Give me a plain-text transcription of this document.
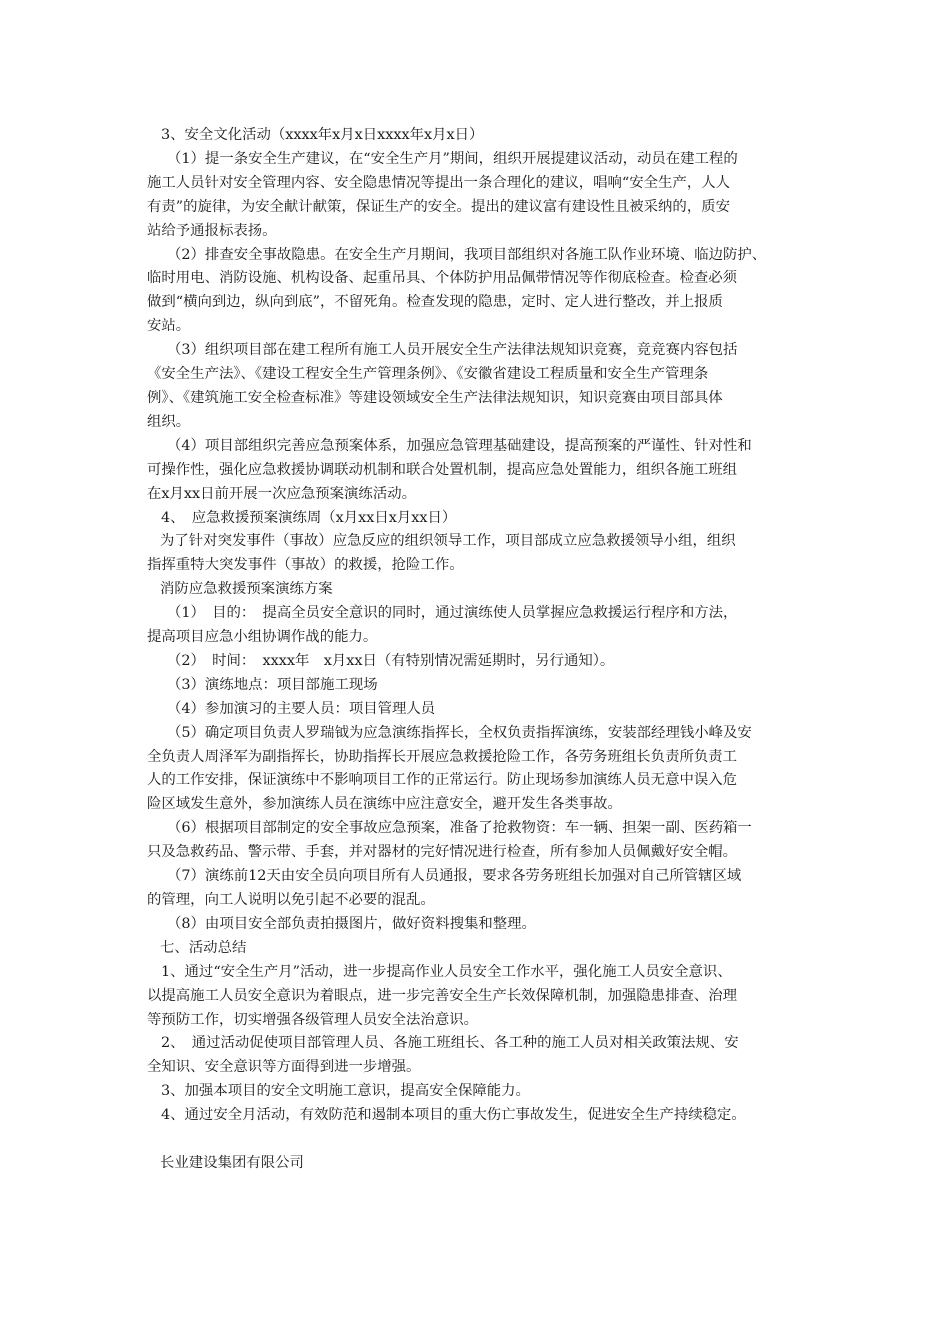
3、安全文化活动（xxxx年x月x日xxxx年x月x日）

（1）提一条安全生产建议，在“安全生产月”期间，组织开展提建议活动，动员在建工程的

施工人员针对安全管理内容、安全隐患情况等提出一条合理化的建议，唱响“安全生产，人人

有责”的旋律，为安全献计献策，保证生产的安全。提出的建议富有建设性且被采纳的，质安

站给予通报标表扬。

（2）排查安全事故隐患。在安全生产月期间，我项目部组织对各施工队作业环境、临边防护、

临时用电、消防设施、机构设备、起重吊具、个体防护用品佩带情况等作彻底检查。检查必须

做到“横向到边，纵向到底”，不留死角。检查发现的隐患，定时、定人进行整改，并上报质

安站。

（3）组织项目部在建工程所有施工人员开展安全生产法律法规知识竞赛，竞竞赛内容包括

《安全生产法》、《建设工程安全生产管理条例》、《安徽省建设工程质量和安全生产管理条

例》、《建筑施工安全检查标准》等建设领域安全生产法律法规知识，知识竞赛由项目部具体

组织。

（4）项目部组织完善应急预案体系，加强应急管理基础建设，提高预案的严谨性、针对性和

可操作性，强化应急救援协调联动机制和联合处置机制，提高应急处置能力，组织各施工班组

在x月xx日前开展一次应急预案演练活动。

4、　应急救援预案演练周（x月xx日x月xx日）

为了针对突发事件（事故）应急反应的组织领导工作，项目部成立应急救援领导小组，组织

指挥重特大突发事件（事故）的救援，抢险工作。

消防应急救援预案演练方案

（1）　目的：　提高全员安全意识的同时，通过演练使人员掌握应急救援运行程序和方法，

提高项目应急小组协调作战的能力。

（2）　时间：　xxxx年　x月xx日（有特别情况需延期时，另行通知）。

（3）演练地点：项目部施工现场

（4）参加演习的主要人员：项目管理人员

（5）确定项目负责人罗瑞钺为应急演练指挥长，全权负责指挥演练，安装部经理钱小峰及安

全负责人周泽军为副指挥长，协助指挥长开展应急救援抢险工作，各劳务班组长负责所负责工

人的工作安排，保证演练中不影响项目工作的正常运行。防止现场参加演练人员无意中误入危

险区域发生意外，参加演练人员在演练中应注意安全，避开发生各类事故。

（6）根据项目部制定的安全事故应急预案，准备了抢救物资：车一辆、担架一副、医药箱一

只及急救药品、警示带、手套，并对器材的完好情况进行检查，所有参加人员佩戴好安全帽。

（7）演练前12天由安全员向项目所有人员通报，要求各劳务班组长加强对自己所管辖区域

的管理，向工人说明以免引起不必要的混乱。

（8）由项目安全部负责拍摄图片，做好资料搜集和整理。

七、活动总结

1、通过“安全生产月”活动，进一步提高作业人员安全工作水平，强化施工人员安全意识、

以提高施工人员安全意识为着眼点，进一步完善安全生产长效保障机制，加强隐患排查、治理

等预防工作，切实增强各级管理人员安全法治意识。

2、　通过活动促使项目部管理人员、各施工班组长、各工种的施工人员对相关政策法规、安

全知识、安全意识等方面得到进一步增强。

3、加强本项目的安全文明施工意识，提高安全保障能力。

4、通过安全月活动，有效防范和遏制本项目的重大伤亡事故发生，促进安全生产持续稳定。

长业建设集团有限公司
